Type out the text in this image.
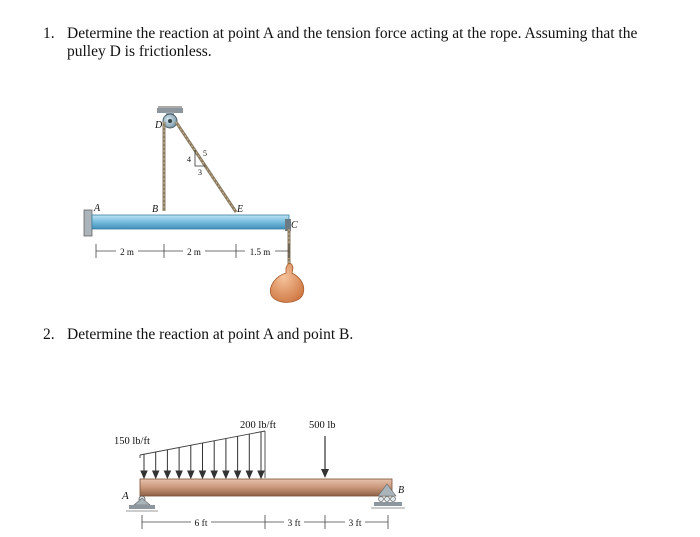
1. Determine the reaction at point A and the tension force acting at the rope. Assuming that the pulley D is frictionless.
2. Determine the reaction at point A and point B.
4
3
5
A	B
D
E
C
2 m	2 m	1.5 m
A	B
150 lb/ft
200 lb/ft	500 lb
6 ft	3 ft	3 ft
